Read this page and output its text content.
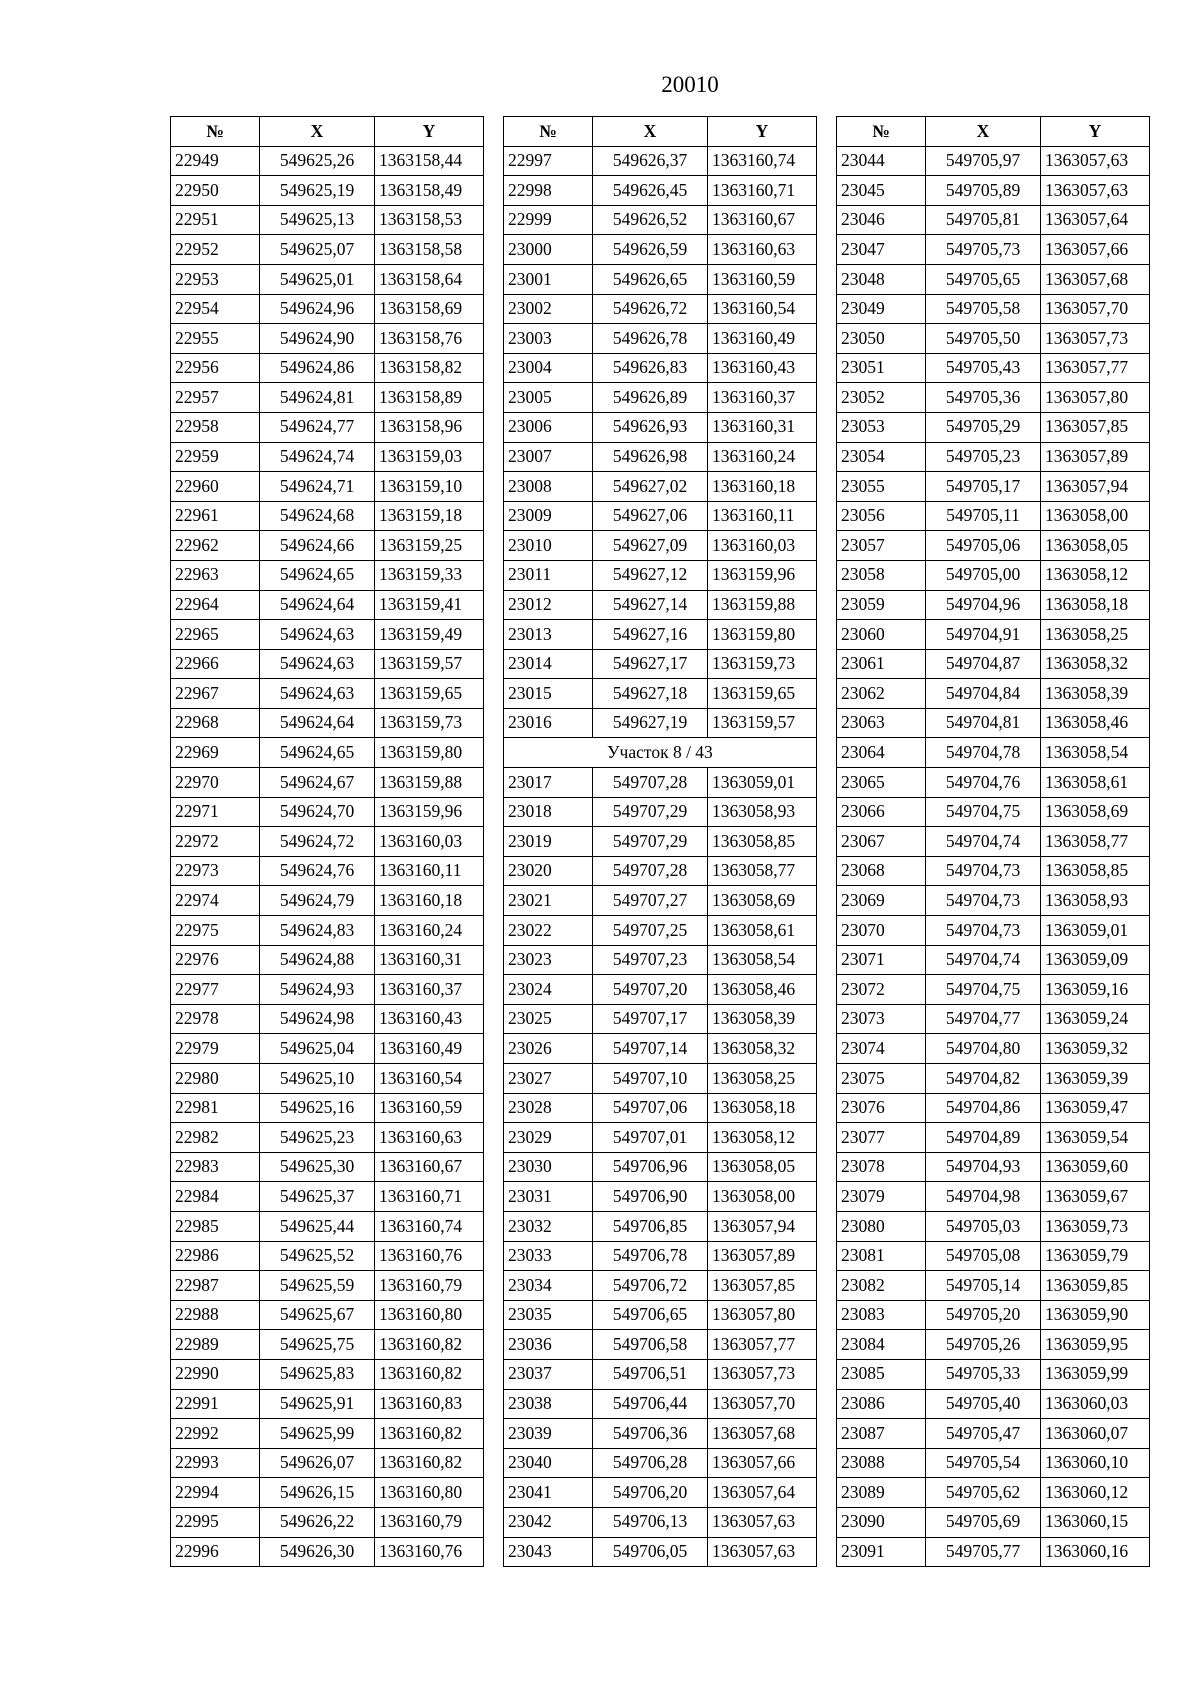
20010
№	X	Y
22949	549625,26	1363158,44
22950	549625,19	1363158,49
22951	549625,13	1363158,53
22952	549625,07	1363158,58
22953	549625,01	1363158,64
22954	549624,96	1363158,69
22955	549624,90	1363158,76
22956	549624,86	1363158,82
22957	549624,81	1363158,89
22958	549624,77	1363158,96
22959	549624,74	1363159,03
22960	549624,71	1363159,10
22961	549624,68	1363159,18
22962	549624,66	1363159,25
22963	549624,65	1363159,33
22964	549624,64	1363159,41
22965	549624,63	1363159,49
22966	549624,63	1363159,57
22967	549624,63	1363159,65
22968	549624,64	1363159,73
22969	549624,65	1363159,80
22970	549624,67	1363159,88
22971	549624,70	1363159,96
22972	549624,72	1363160,03
22973	549624,76	1363160,11
22974	549624,79	1363160,18
22975	549624,83	1363160,24
22976	549624,88	1363160,31
22977	549624,93	1363160,37
22978	549624,98	1363160,43
22979	549625,04	1363160,49
22980	549625,10	1363160,54
22981	549625,16	1363160,59
22982	549625,23	1363160,63
22983	549625,30	1363160,67
22984	549625,37	1363160,71
22985	549625,44	1363160,74
22986	549625,52	1363160,76
22987	549625,59	1363160,79
22988	549625,67	1363160,80
22989	549625,75	1363160,82
22990	549625,83	1363160,82
22991	549625,91	1363160,83
22992	549625,99	1363160,82
22993	549626,07	1363160,82
22994	549626,15	1363160,80
22995	549626,22	1363160,79
22996	549626,30	1363160,76
№	X	Y
22997	549626,37	1363160,74
22998	549626,45	1363160,71
22999	549626,52	1363160,67
23000	549626,59	1363160,63
23001	549626,65	1363160,59
23002	549626,72	1363160,54
23003	549626,78	1363160,49
23004	549626,83	1363160,43
23005	549626,89	1363160,37
23006	549626,93	1363160,31
23007	549626,98	1363160,24
23008	549627,02	1363160,18
23009	549627,06	1363160,11
23010	549627,09	1363160,03
23011	549627,12	1363159,96
23012	549627,14	1363159,88
23013	549627,16	1363159,80
23014	549627,17	1363159,73
23015	549627,18	1363159,65
23016	549627,19	1363159,57
Участок 8 / 43		
23017	549707,28	1363059,01
23018	549707,29	1363058,93
23019	549707,29	1363058,85
23020	549707,28	1363058,77
23021	549707,27	1363058,69
23022	549707,25	1363058,61
23023	549707,23	1363058,54
23024	549707,20	1363058,46
23025	549707,17	1363058,39
23026	549707,14	1363058,32
23027	549707,10	1363058,25
23028	549707,06	1363058,18
23029	549707,01	1363058,12
23030	549706,96	1363058,05
23031	549706,90	1363058,00
23032	549706,85	1363057,94
23033	549706,78	1363057,89
23034	549706,72	1363057,85
23035	549706,65	1363057,80
23036	549706,58	1363057,77
23037	549706,51	1363057,73
23038	549706,44	1363057,70
23039	549706,36	1363057,68
23040	549706,28	1363057,66
23041	549706,20	1363057,64
23042	549706,13	1363057,63
23043	549706,05	1363057,63
№	X	Y
23044	549705,97	1363057,63
23045	549705,89	1363057,63
23046	549705,81	1363057,64
23047	549705,73	1363057,66
23048	549705,65	1363057,68
23049	549705,58	1363057,70
23050	549705,50	1363057,73
23051	549705,43	1363057,77
23052	549705,36	1363057,80
23053	549705,29	1363057,85
23054	549705,23	1363057,89
23055	549705,17	1363057,94
23056	549705,11	1363058,00
23057	549705,06	1363058,05
23058	549705,00	1363058,12
23059	549704,96	1363058,18
23060	549704,91	1363058,25
23061	549704,87	1363058,32
23062	549704,84	1363058,39
23063	549704,81	1363058,46
23064	549704,78	1363058,54
23065	549704,76	1363058,61
23066	549704,75	1363058,69
23067	549704,74	1363058,77
23068	549704,73	1363058,85
23069	549704,73	1363058,93
23070	549704,73	1363059,01
23071	549704,74	1363059,09
23072	549704,75	1363059,16
23073	549704,77	1363059,24
23074	549704,80	1363059,32
23075	549704,82	1363059,39
23076	549704,86	1363059,47
23077	549704,89	1363059,54
23078	549704,93	1363059,60
23079	549704,98	1363059,67
23080	549705,03	1363059,73
23081	549705,08	1363059,79
23082	549705,14	1363059,85
23083	549705,20	1363059,90
23084	549705,26	1363059,95
23085	549705,33	1363059,99
23086	549705,40	1363060,03
23087	549705,47	1363060,07
23088	549705,54	1363060,10
23089	549705,62	1363060,12
23090	549705,69	1363060,15
23091	549705,77	1363060,16
